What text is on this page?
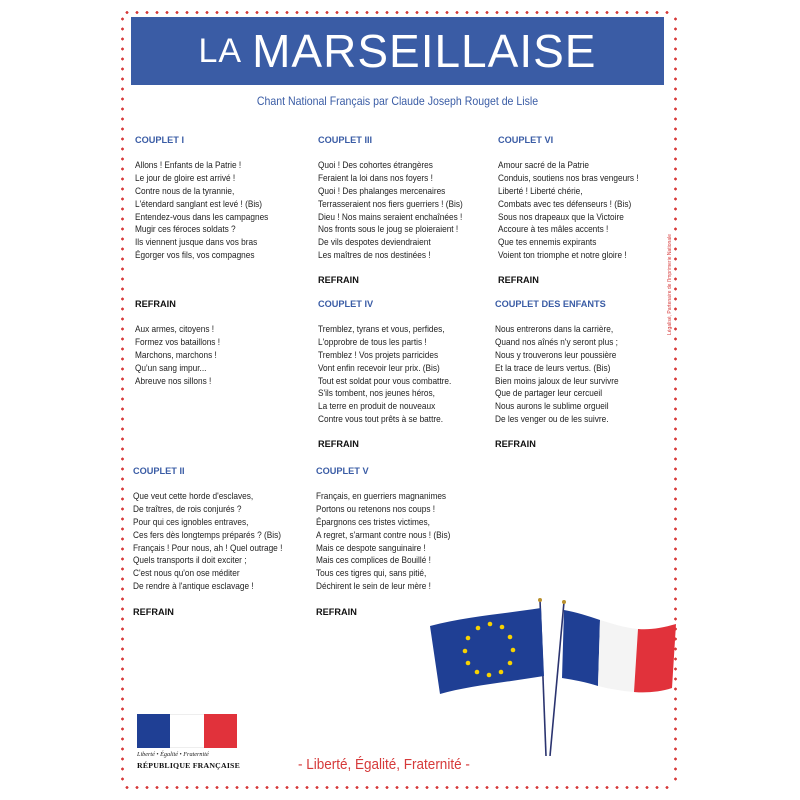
LA MARSEILLAISE
Chant National Français par Claude Joseph Rouget de Lisle
COUPLET I
Allons ! Enfants de la Patrie !
Le jour de gloire est arrivé !
Contre nous de la tyrannie,
L'étendard sanglant est levé ! (Bis)
Entendez-vous dans les campagnes
Mugir ces féroces soldats ?
Ils viennent jusque dans vos bras
Égorger vos fils, vos compagnes
REFRAIN
Aux armes, citoyens !
Formez vos bataillons !
Marchons, marchons !
Qu'un sang impur...
Abreuve nos sillons !
COUPLET II
Que veut cette horde d'esclaves,
De traîtres, de rois conjurés ?
Pour qui ces ignobles entraves,
Ces fers dès longtemps préparés ? (Bis)
Français ! Pour nous, ah ! Quel outrage !
Quels transports il doit exciter ;
C'est nous qu'on ose méditer
De rendre à l'antique esclavage !
REFRAIN
COUPLET III
Quoi ! Des cohortes étrangères
Feraient la loi dans nos foyers !
Quoi ! Des phalanges mercenaires
Terrasseraient nos fiers guerriers ! (Bis)
Dieu ! Nos mains seraient enchaînées !
Nos fronts sous le joug se ploieraient !
De vils despotes deviendraient
Les maîtres de nos destinées !
REFRAIN
COUPLET IV
Tremblez, tyrans et vous, perfides,
L'opprobre de tous les partis !
Tremblez ! Vos projets parricides
Vont enfin recevoir leur prix. (Bis)
Tout est soldat pour vous combattre.
S'ils tombent, nos jeunes héros,
La terre en produit de nouveaux
Contre vous tout prêts à se battre.
REFRAIN
COUPLET V
Français, en guerriers magnanimes
Portons ou retenons nos coups !
Épargnons ces tristes victimes,
A regret, s'armant contre nous ! (Bis)
Mais ce despote sanguinaire !
Mais ces complices de Bouillé !
Tous ces tigres qui, sans pitié,
Déchirent le sein de leur mère !
REFRAIN
COUPLET VI
Amour sacré de la Patrie
Conduis, soutiens nos bras vengeurs !
Liberté ! Liberté chérie,
Combats avec tes défenseurs ! (Bis)
Sous nos drapeaux que la Victoire
Accoure à tes mâles accents !
Que tes ennemis expirants
Voient ton triomphe et notre gloire !
REFRAIN
COUPLET DES ENFANTS
Nous entrerons dans la carrière,
Quand nos aînés n'y seront plus ;
Nous y trouverons leur poussière
Et la trace de leurs vertus. (Bis)
Bien moins jaloux de leur survivre
Que de partager leur cercueil
Nous aurons le sublime orgueil
De les venger ou de les suivre.
REFRAIN
Légalisé, Partenaire de l'Imprimerie Nationale
Liberté • Égalité • Fraternité
RÉPUBLIQUE FRANÇAISE	- Liberté, Égalité, Fraternité -
